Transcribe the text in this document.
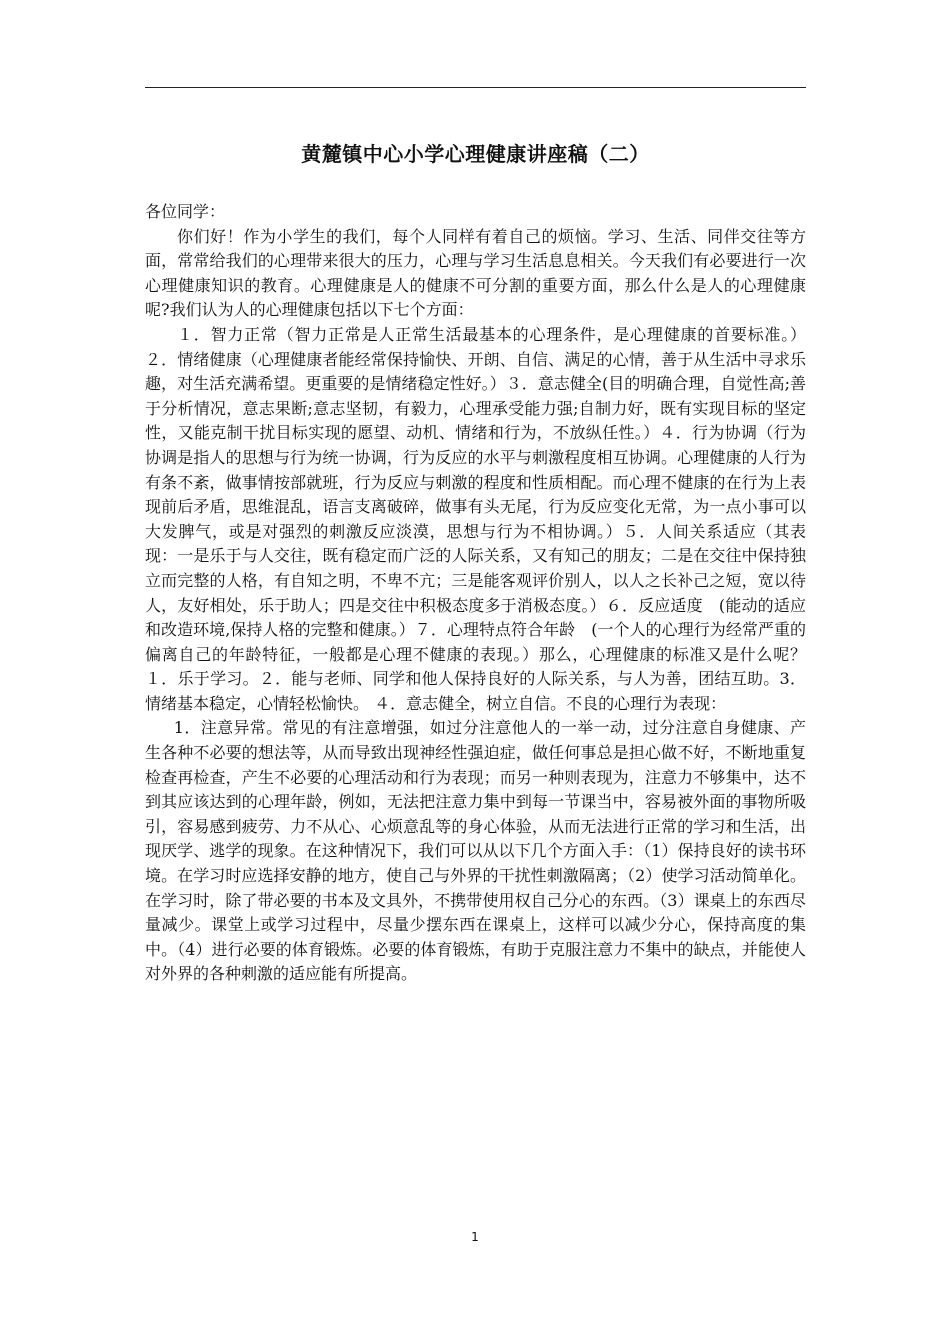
黄麓镇中心小学心理健康讲座稿（二）

各位同学：

你们好！作为小学生的我们，每个人同样有着自己的烦恼。学习、生活、同伴交往等方面，常常给我们的心理带来很大的压力，心理与学习生活息息相关。今天我们有必要进行一次心理健康知识的教育。心理健康是人的健康不可分割的重要方面，那么什么是人的心理健康呢?我们认为人的心理健康包括以下七个方面：

１．智力正常（智力正常是人正常生活最基本的心理条件，是心理健康的首要标准。）２．情绪健康（心理健康者能经常保持愉快、开朗、自信、满足的心情，善于从生活中寻求乐趣，对生活充满希望。更重要的是情绪稳定性好。）３．意志健全(目的明确合理，自觉性高;善于分析情况，意志果断;意志坚韧，有毅力，心理承受能力强;自制力好，既有实现目标的坚定性，又能克制干扰目标实现的愿望、动机、情绪和行为，不放纵任性。）４．行为协调（行为协调是指人的思想与行为统一协调，行为反应的水平与刺激程度相互协调。心理健康的人行为有条不紊，做事情按部就班，行为反应与刺激的程度和性质相配。而心理不健康的在行为上表现前后矛盾，思维混乱，语言支离破碎，做事有头无尾，行为反应变化无常，为一点小事可以大发脾气，或是对强烈的刺激反应淡漠，思想与行为不相协调。）５．人间关系适应（其表现：一是乐于与人交往，既有稳定而广泛的人际关系，又有知己的朋友；二是在交往中保持独立而完整的人格，有自知之明，不卑不亢；三是能客观评价别人，以人之长补己之短，宽以待人，友好相处，乐于助人；四是交往中积极态度多于消极态度。）６．反应适度　(能动的适应和改造环境,保持人格的完整和健康。）７．心理特点符合年龄　(一个人的心理行为经常严重的偏离自己的年龄特征，一般都是心理不健康的表现。）那么，心理健康的标准又是什么呢？１．乐于学习。２．能与老师、同学和他人保持良好的人际关系，与人为善，团结互助。3．情绪基本稳定，心情轻松愉快。 ４．意志健全，树立自信。不良的心理行为表现：

1．注意异常。常见的有注意增强，如过分注意他人的一举一动，过分注意自身健康、产生各种不必要的想法等，从而导致出现神经性强迫症，做任何事总是担心做不好，不断地重复检查再检查，产生不必要的心理活动和行为表现；而另一种则表现为，注意力不够集中，达不到其应该达到的心理年龄，例如，无法把注意力集中到每一节课当中，容易被外面的事物所吸引，容易感到疲劳、力不从心、心烦意乱等的身心体验，从而无法进行正常的学习和生活，出现厌学、逃学的现象。在这种情况下，我们可以从以下几个方面入手：（1）保持良好的读书环境。在学习时应选择安静的地方，使自己与外界的干扰性刺激隔离；（2）使学习活动简单化。在学习时，除了带必要的书本及文具外，不携带使用权自己分心的东西。（3）课桌上的东西尽量减少。课堂上或学习过程中，尽量少摆东西在课桌上，这样可以减少分心，保持高度的集中。（4）进行必要的体育锻炼。必要的体育锻炼，有助于克服注意力不集中的缺点，并能使人对外界的各种刺激的适应能有所提高。

1
